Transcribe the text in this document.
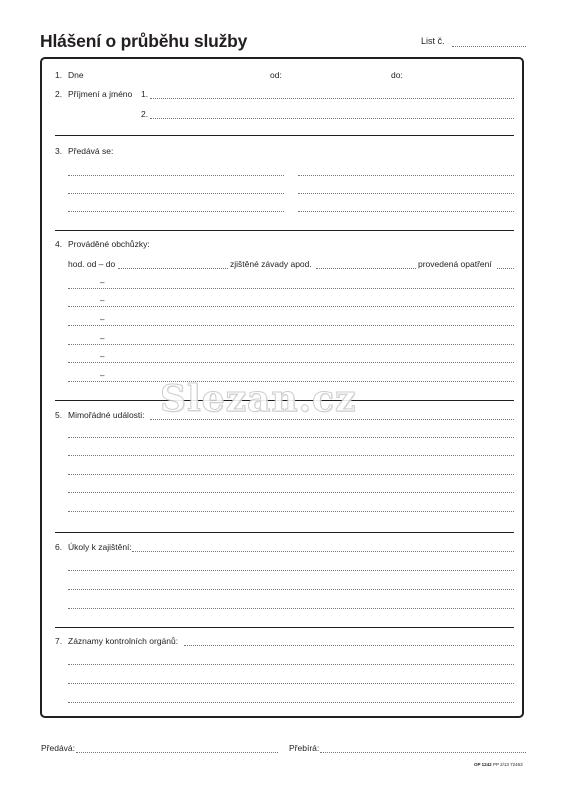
Hlášení o průběhu služby	List č.
1. Dne	od:	do:
2. Příjmení a jméno 1.
2.
3. Předává se:
4. Prováděné obchůzky:
hod. od – do	zjištěné závady apod.	provedená opatření
–
–
–
–
–
–
Slezan.cz
5. Mimořádné události:
6. Úkoly k zajištění:
7. Záznamy kontrolních orgánů:
Předává:	Přebírá:
OP 1242 PP 2/13 72463
